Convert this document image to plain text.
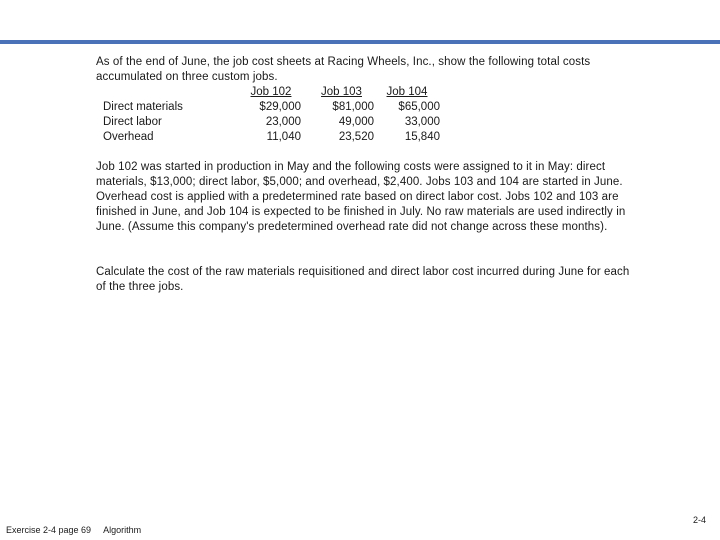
As of the end of June, the job cost sheets at Racing Wheels, Inc., show the following total costs accumulated on three custom jobs.
	Job 102	Job 103	Job 104
Direct materials	$29,000	$81,000	$65,000
Direct labor	23,000	49,000	33,000
Overhead	11,040	23,520	15,840
Job 102 was started in production in May and the following costs were assigned to it in May: direct materials, $13,000; direct labor, $5,000; and overhead, $2,400. Jobs 103 and 104 are started in June. Overhead cost is applied with a predetermined rate based on direct labor cost. Jobs 102 and 103 are finished in June, and Job 104 is expected to be finished in July. No raw materials are used indirectly in June. (Assume this company's predetermined overhead rate did not change across these months).
Calculate the cost of the raw materials requisitioned and direct labor cost incurred during June for each of the three jobs.
Exercise 2-4 page 69 Algorithm
2-4
